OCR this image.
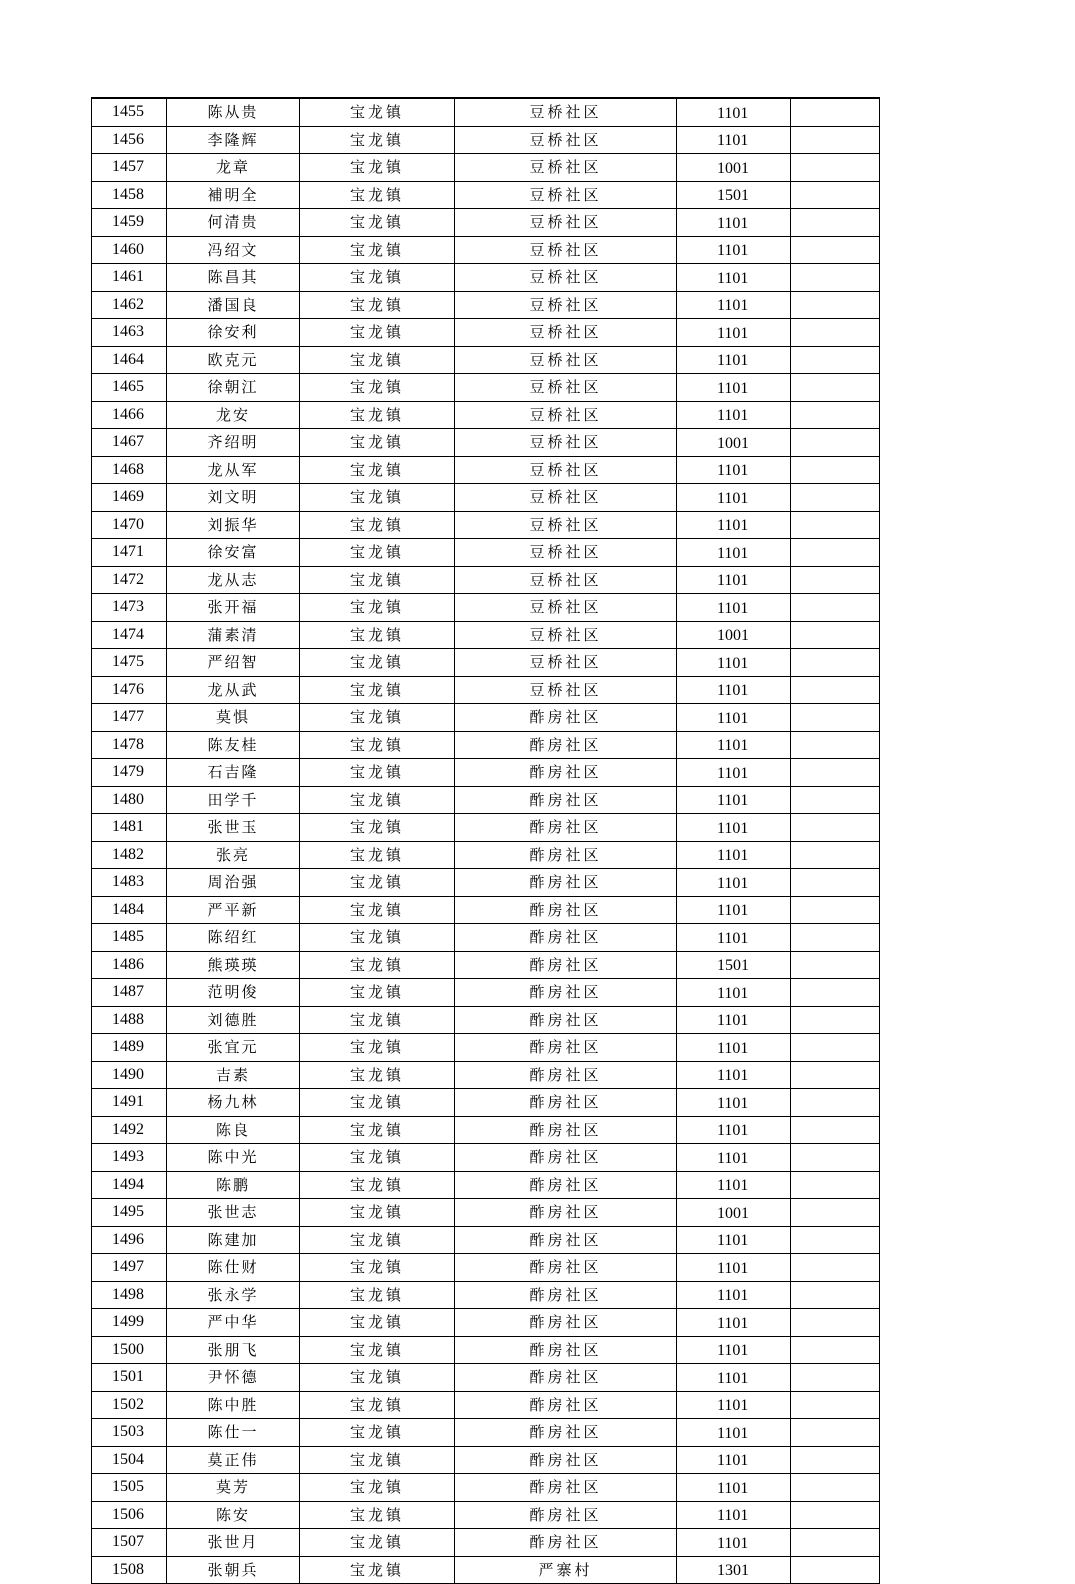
1455	陈从贵	宝龙镇	豆桥社区	1101	
1456	李隆辉	宝龙镇	豆桥社区	1101	
1457	龙章	宝龙镇	豆桥社区	1001	
1458	補明全	宝龙镇	豆桥社区	1501	
1459	何清贵	宝龙镇	豆桥社区	1101	
1460	冯绍文	宝龙镇	豆桥社区	1101	
1461	陈昌其	宝龙镇	豆桥社区	1101	
1462	潘国良	宝龙镇	豆桥社区	1101	
1463	徐安利	宝龙镇	豆桥社区	1101	
1464	欧克元	宝龙镇	豆桥社区	1101	
1465	徐朝江	宝龙镇	豆桥社区	1101	
1466	龙安	宝龙镇	豆桥社区	1101	
1467	齐绍明	宝龙镇	豆桥社区	1001	
1468	龙从军	宝龙镇	豆桥社区	1101	
1469	刘文明	宝龙镇	豆桥社区	1101	
1470	刘振华	宝龙镇	豆桥社区	1101	
1471	徐安富	宝龙镇	豆桥社区	1101	
1472	龙从志	宝龙镇	豆桥社区	1101	
1473	张开福	宝龙镇	豆桥社区	1101	
1474	蒲素清	宝龙镇	豆桥社区	1001	
1475	严绍智	宝龙镇	豆桥社区	1101	
1476	龙从武	宝龙镇	豆桥社区	1101	
1477	莫惧	宝龙镇	酢房社区	1101	
1478	陈友桂	宝龙镇	酢房社区	1101	
1479	石吉隆	宝龙镇	酢房社区	1101	
1480	田学千	宝龙镇	酢房社区	1101	
1481	张世玉	宝龙镇	酢房社区	1101	
1482	张亮	宝龙镇	酢房社区	1101	
1483	周治强	宝龙镇	酢房社区	1101	
1484	严平新	宝龙镇	酢房社区	1101	
1485	陈绍红	宝龙镇	酢房社区	1101	
1486	熊瑛瑛	宝龙镇	酢房社区	1501	
1487	范明俊	宝龙镇	酢房社区	1101	
1488	刘德胜	宝龙镇	酢房社区	1101	
1489	张宜元	宝龙镇	酢房社区	1101	
1490	吉素	宝龙镇	酢房社区	1101	
1491	杨九林	宝龙镇	酢房社区	1101	
1492	陈良	宝龙镇	酢房社区	1101	
1493	陈中光	宝龙镇	酢房社区	1101	
1494	陈鹏	宝龙镇	酢房社区	1101	
1495	张世志	宝龙镇	酢房社区	1001	
1496	陈建加	宝龙镇	酢房社区	1101	
1497	陈仕财	宝龙镇	酢房社区	1101	
1498	张永学	宝龙镇	酢房社区	1101	
1499	严中华	宝龙镇	酢房社区	1101	
1500	张朋飞	宝龙镇	酢房社区	1101	
1501	尹怀德	宝龙镇	酢房社区	1101	
1502	陈中胜	宝龙镇	酢房社区	1101	
1503	陈仕一	宝龙镇	酢房社区	1101	
1504	莫正伟	宝龙镇	酢房社区	1101	
1505	莫芳	宝龙镇	酢房社区	1101	
1506	陈安	宝龙镇	酢房社区	1101	
1507	张世月	宝龙镇	酢房社区	1101	
1508	张朝兵	宝龙镇	严寨村	1301	
